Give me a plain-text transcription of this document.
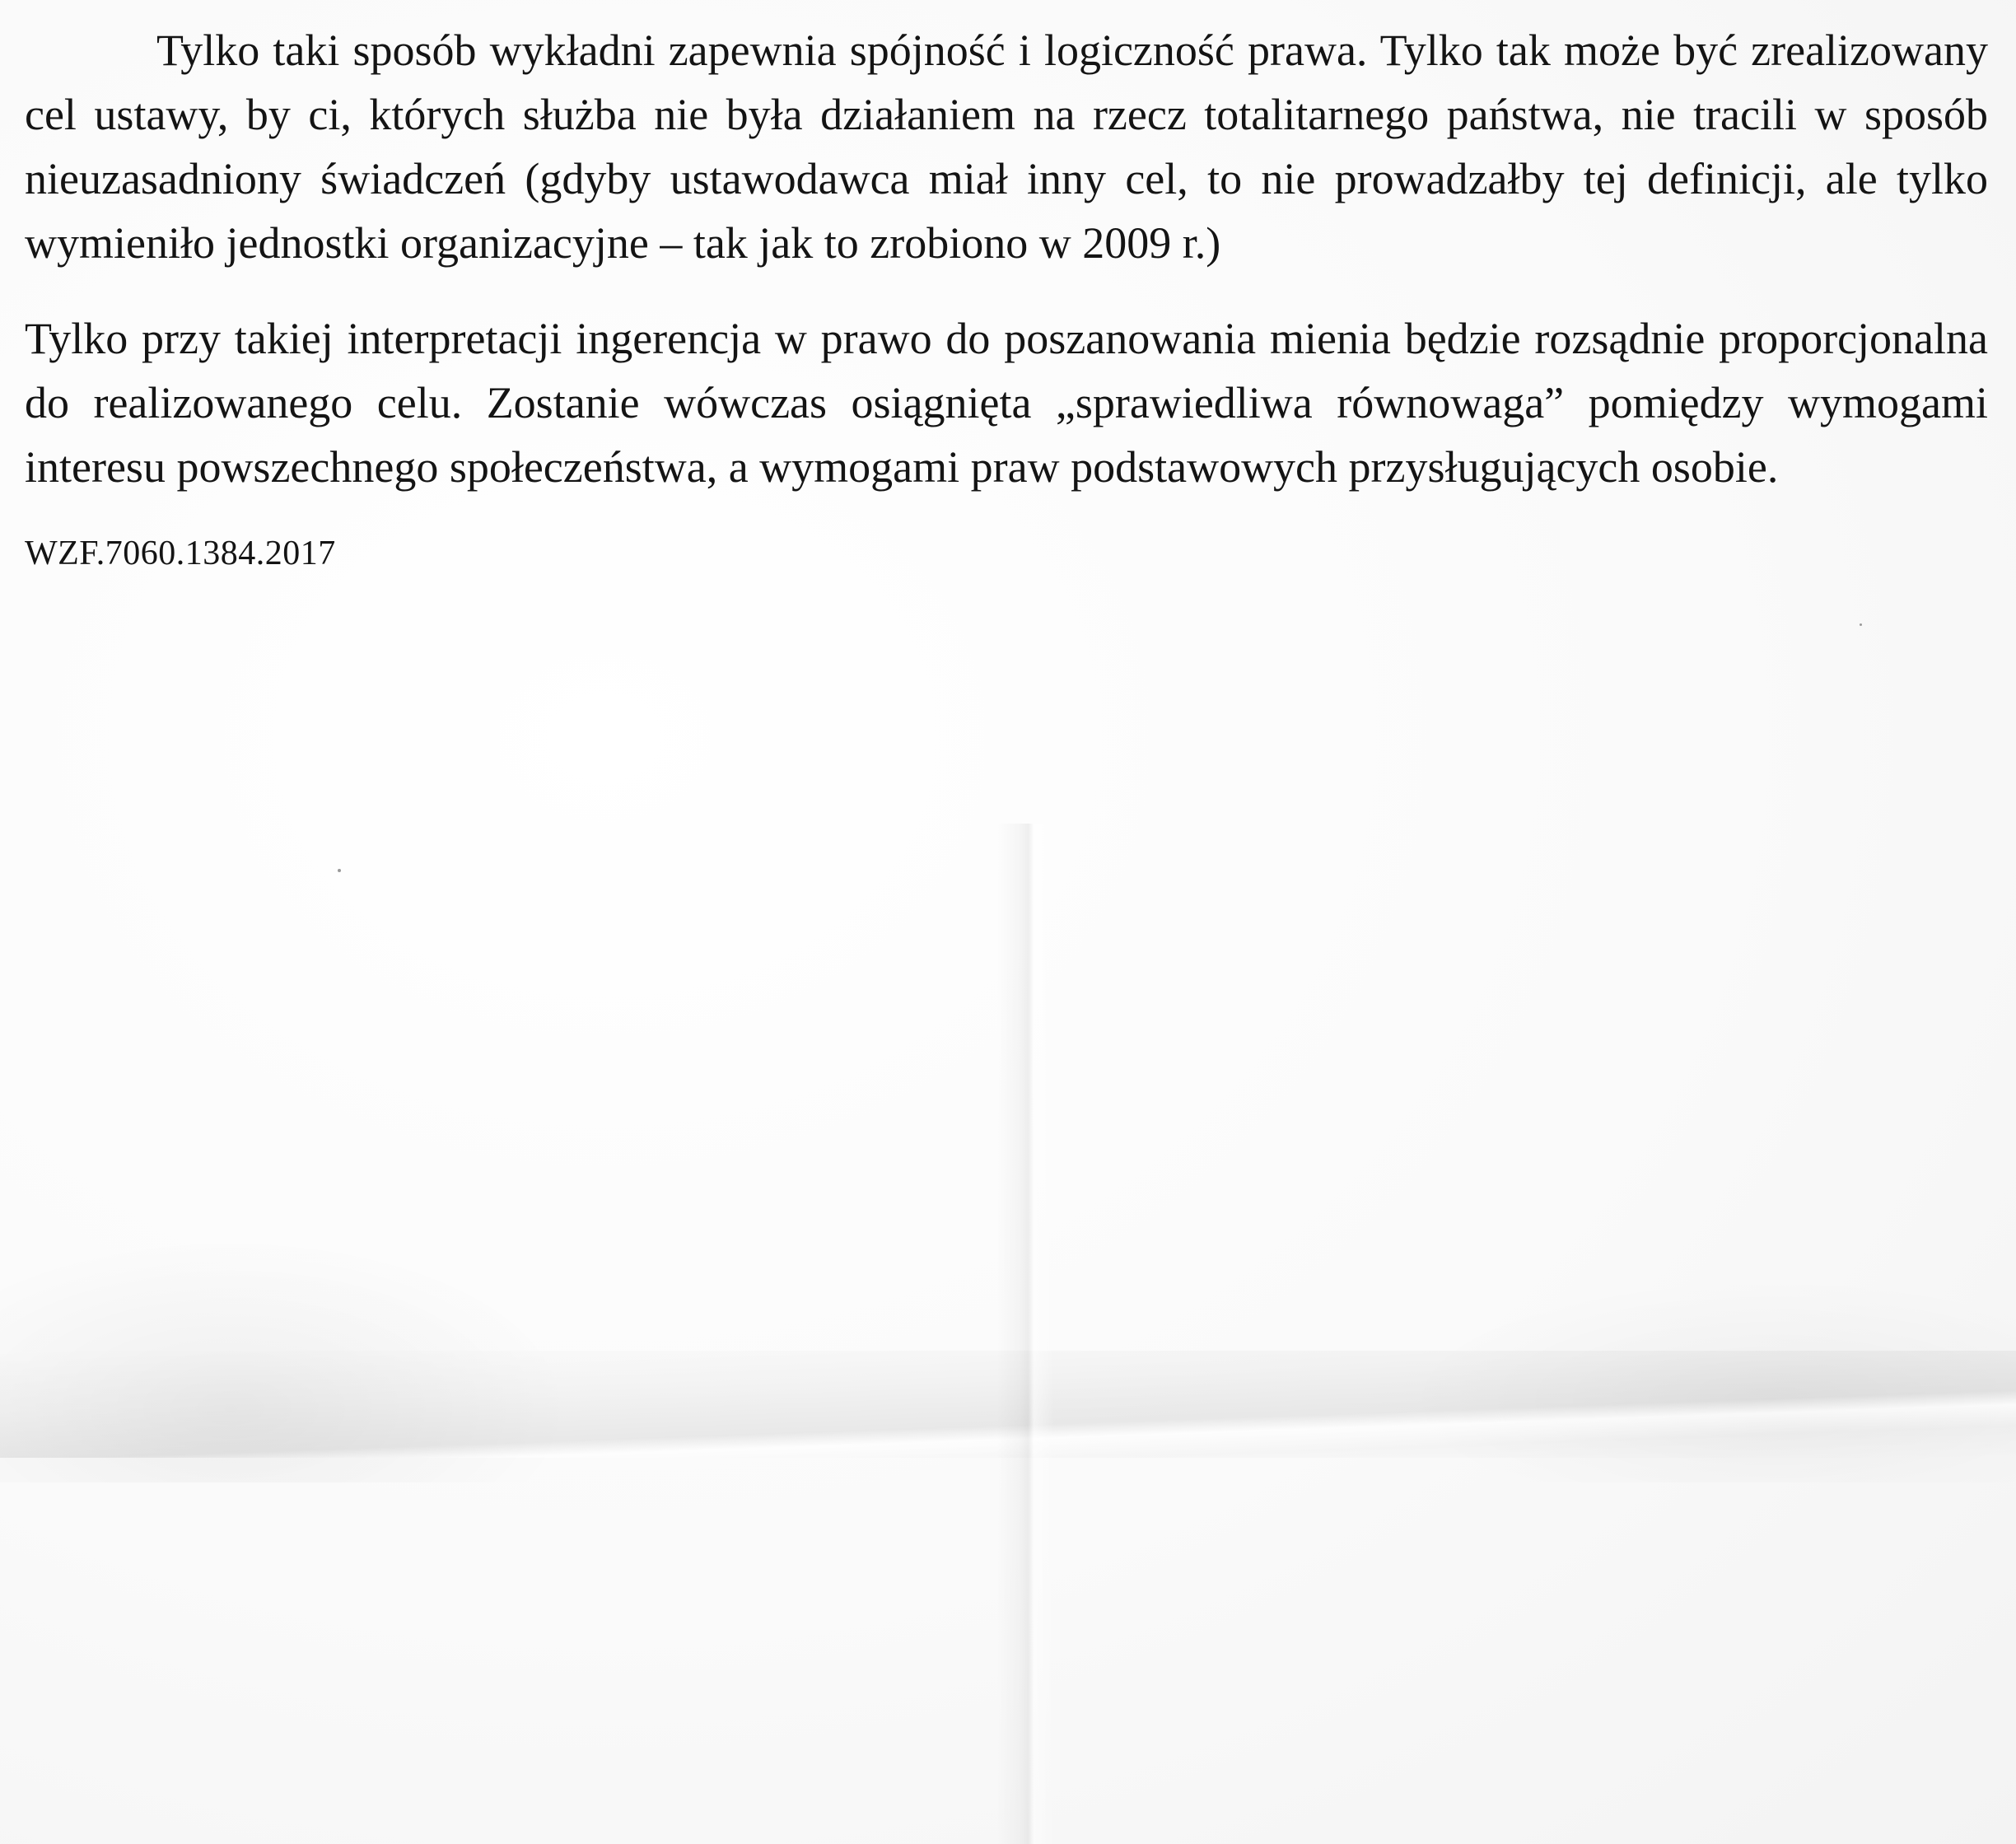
Tylko taki sposób wykładni zapewnia spójność i logiczność prawa. Tylko tak może być zrealizowany cel ustawy, by ci, których służba nie była działaniem na rzecz totalitarnego państwa, nie tracili w sposób nieuzasadniony świadczeń (gdyby ustawodawca miał inny cel, to nie prowadzałby tej definicji, ale tylko wymieniło jednostki organizacyjne – tak jak to zrobiono w 2009 r.)

Tylko przy takiej interpretacji ingerencja w prawo do poszanowania mienia będzie rozsądnie proporcjonalna do realizowanego celu. Zostanie wówczas osiągnięta „sprawiedliwa równowaga” pomiędzy wymogami interesu powszechnego społeczeństwa, a wymogami praw podstawowych przysługujących osobie.

WZF.7060.1384.2017
